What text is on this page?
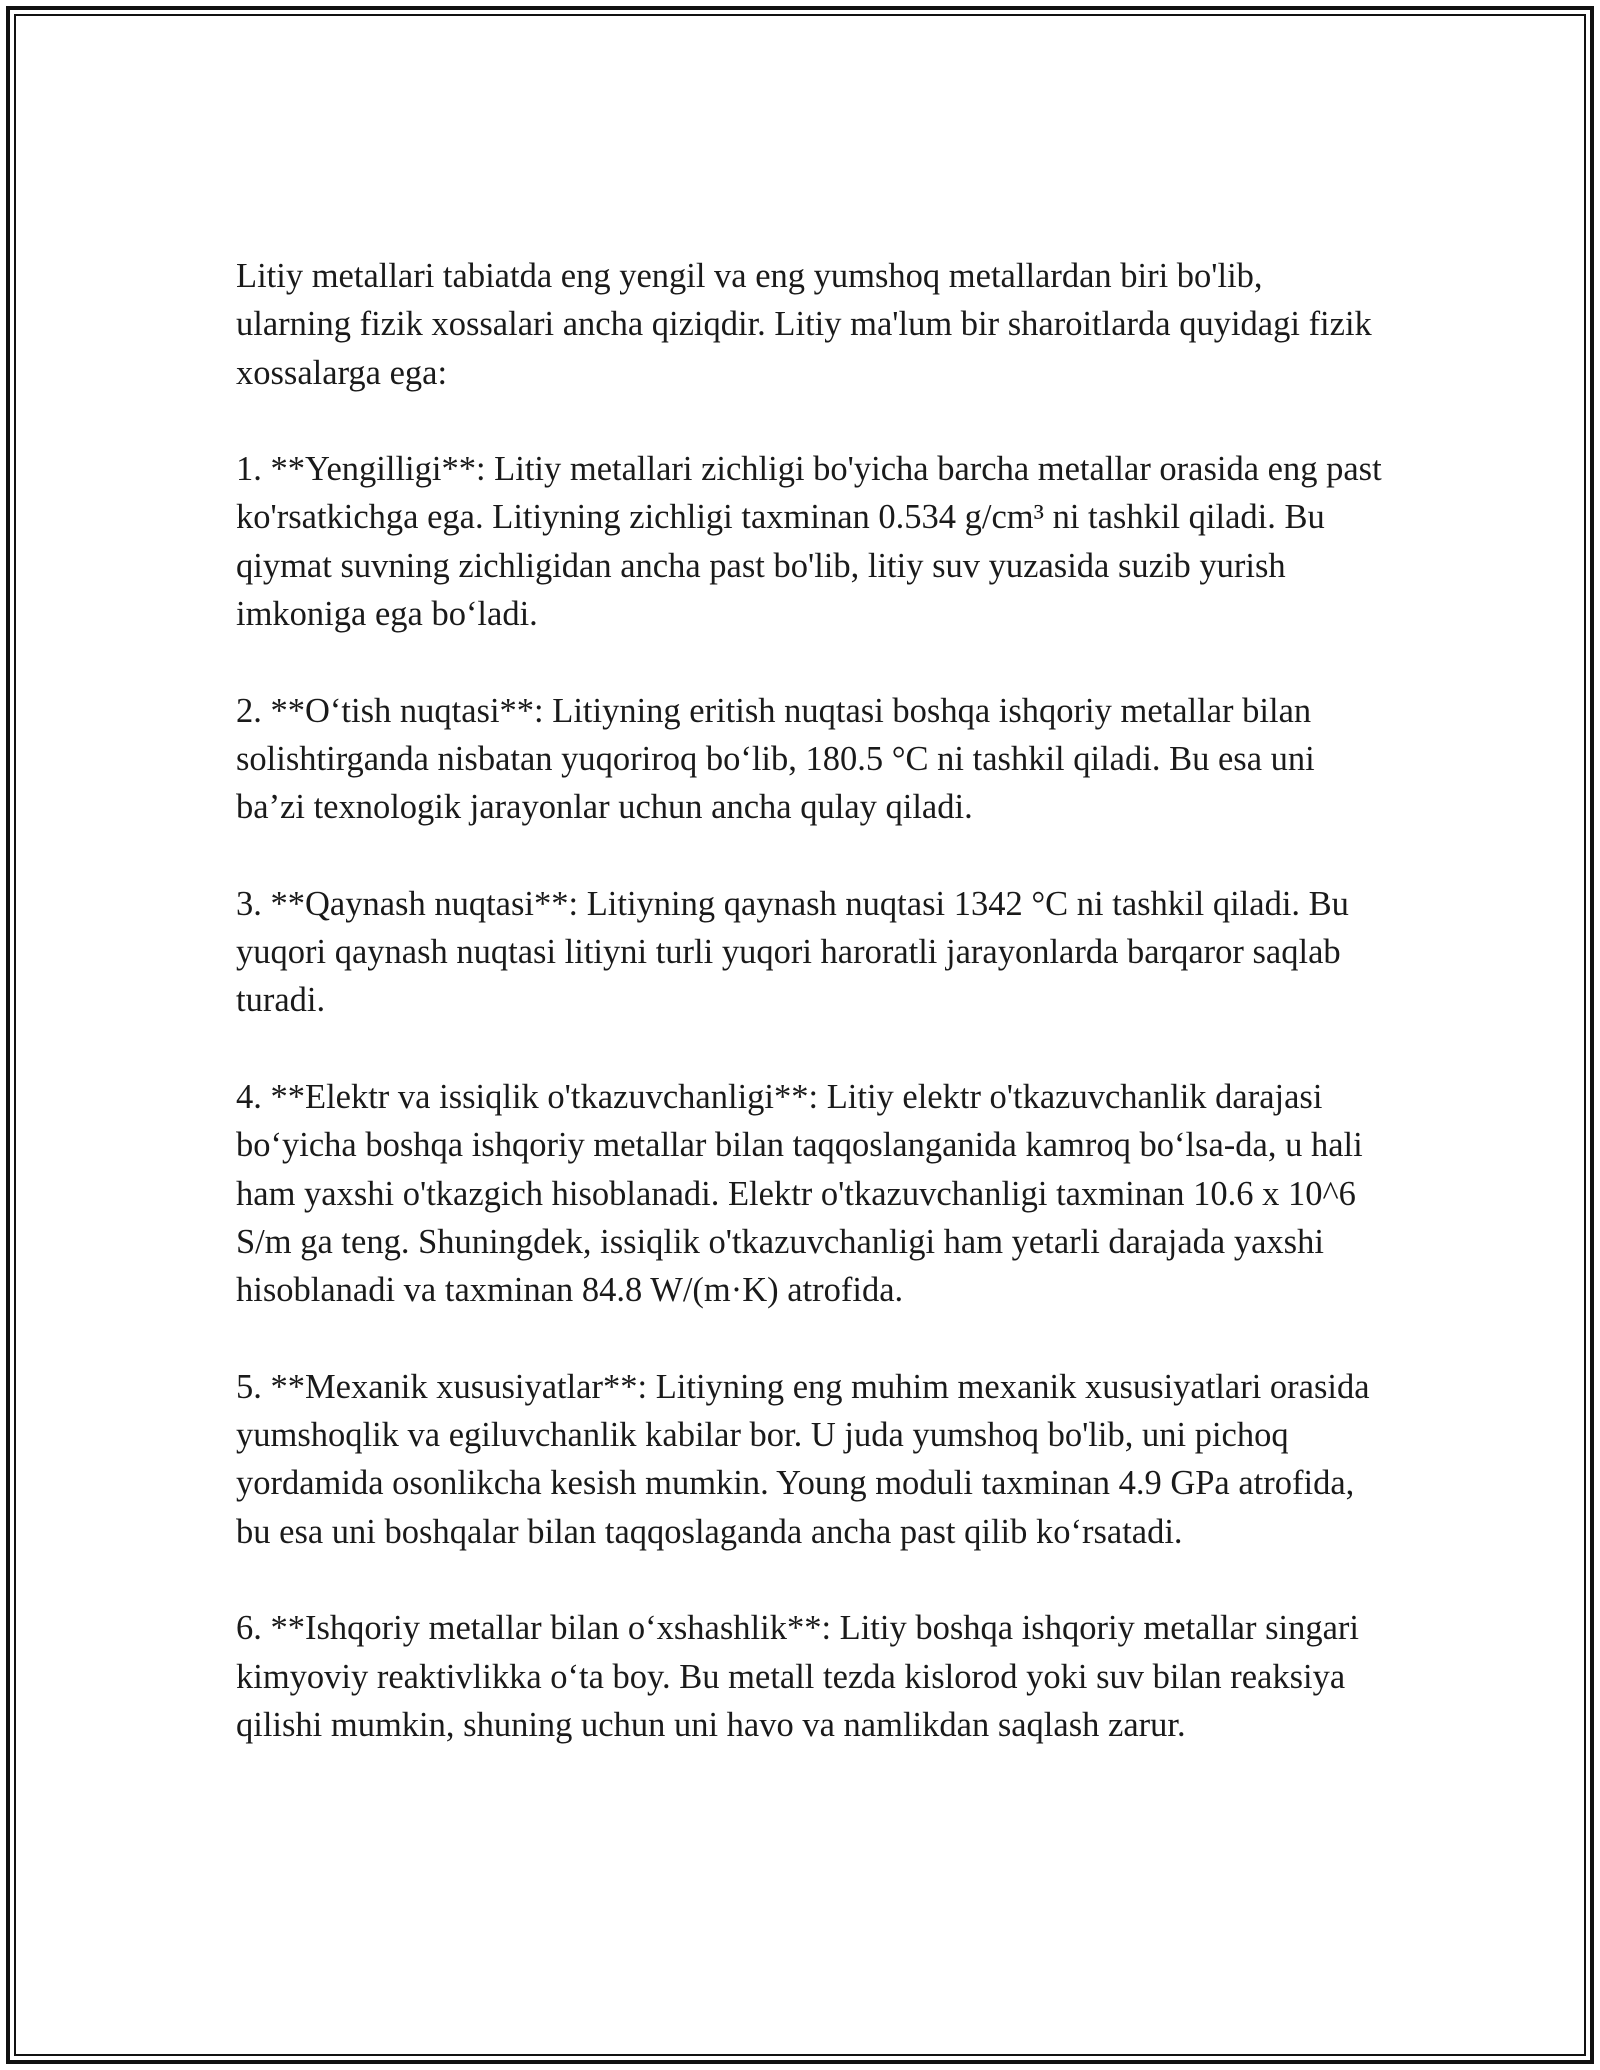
Litiy metallari tabiatda eng yengil va eng yumshoq metallardan biri bo'lib, ularning fizik xossalari ancha qiziqdir. Litiy ma'lum bir sharoitlarda quyidagi fizik xossalarga ega:

1. **Yengilligi**: Litiy metallari zichligi bo'yicha barcha metallar orasida eng past ko'rsatkichga ega. Litiyning zichligi taxminan 0.534 g/cm³ ni tashkil qiladi. Bu qiymat suvning zichligidan ancha past bo'lib, litiy suv yuzasida suzib yurish imkoniga ega bo‘ladi.

2. **O‘tish nuqtasi**: Litiyning eritish nuqtasi boshqa ishqoriy metallar bilan solishtirganda nisbatan yuqoriroq bo‘lib, 180.5 °C ni tashkil qiladi. Bu esa uni ba’zi texnologik jarayonlar uchun ancha qulay qiladi.

3. **Qaynash nuqtasi**: Litiyning qaynash nuqtasi 1342 °C ni tashkil qiladi. Bu yuqori qaynash nuqtasi litiyni turli yuqori haroratli jarayonlarda barqaror saqlab turadi.

4. **Elektr va issiqlik o'tkazuvchanligi**: Litiy elektr o'tkazuvchanlik darajasi bo‘yicha boshqa ishqoriy metallar bilan taqqoslanganida kamroq bo‘lsa-da, u hali ham yaxshi o'tkazgich hisoblanadi. Elektr o'tkazuvchanligi taxminan 10.6 x 10^6 S/m ga teng. Shuningdek, issiqlik o'tkazuvchanligi ham yetarli darajada yaxshi hisoblanadi va taxminan 84.8 W/(m·K) atrofida.

5. **Mexanik xususiyatlar**: Litiyning eng muhim mexanik xususiyatlari orasida yumshoqlik va egiluvchanlik kabilar bor. U juda yumshoq bo'lib, uni pichoq yordamida osonlikcha kesish mumkin. Young moduli taxminan 4.9 GPa atrofida, bu esa uni boshqalar bilan taqqoslaganda ancha past qilib ko‘rsatadi.

6. **Ishqoriy metallar bilan o‘xshashlik**: Litiy boshqa ishqoriy metallar singari kimyoviy reaktivlikka o‘ta boy. Bu metall tezda kislorod yoki suv bilan reaksiya qilishi mumkin, shuning uchun uni havo va namlikdan saqlash zarur.
